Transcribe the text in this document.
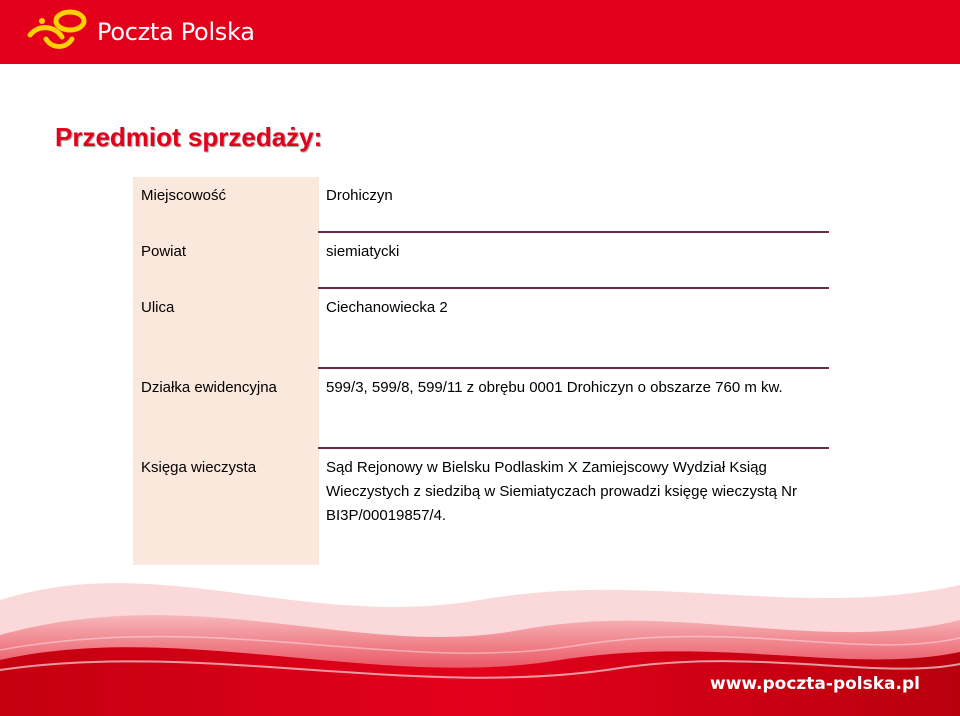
Poczta Polska
Przedmiot sprzedaży:
Miejscowość	Drohiczyn
Powiat	siemiatycki
Ulica	Ciechanowiecka 2
Działka ewidencyjna	599/3, 599/8, 599/11 z obrębu 0001 Drohiczyn o obszarze 760 m kw.
Księga wieczysta	Sąd Rejonowy w Bielsku Podlaskim X Zamiejscowy Wydział Ksiąg Wieczystych z siedzibą w Siemiatyczach prowadzi księgę wieczystą Nr BI3P/00019857/4.
www.poczta-polska.pl
